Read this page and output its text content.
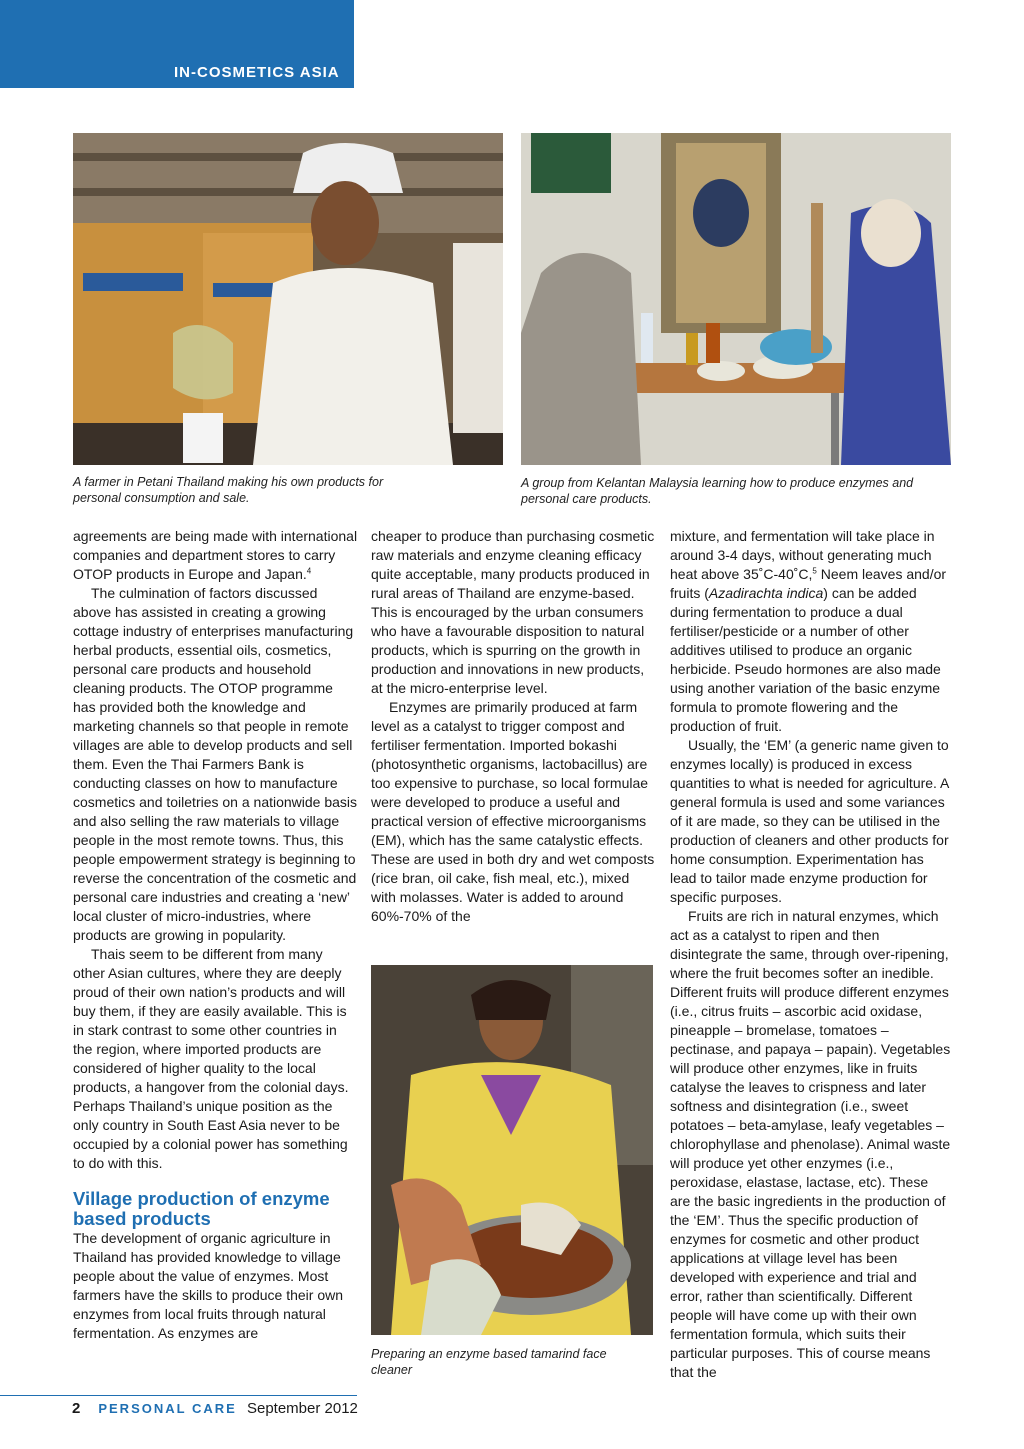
IN-COSMETICS ASIA
A farmer in Petani Thailand making his own products for personal consumption and sale.
A group from Kelantan Malaysia learning how to produce enzymes and personal care products.

agreements are being made with international companies and department stores to carry OTOP products in Europe and Japan.$^4$

The culmination of factors discussed above has assisted in creating a growing cottage industry of enterprises manufacturing herbal products, essential oils, cosmetics, personal care products and household cleaning products. The OTOP programme has provided both the knowledge and marketing channels so that people in remote villages are able to develop products and sell them. Even the Thai Farmers Bank is conducting classes on how to manufacture cosmetics and toiletries on a nationwide basis and also selling the raw materials to village people in the most remote towns. Thus, this people empowerment strategy is beginning to reverse the concentration of the cosmetic and personal care industries and creating a ‘new’ local cluster of micro-industries, where products are growing in popularity.

Thais seem to be different from many other Asian cultures, where they are deeply proud of their own nation’s products and will buy them, if they are easily available. This is in stark contrast to some other countries in the region, where imported products are considered of higher quality to the local products, a hangover from the colonial days. Perhaps Thailand’s unique position as the only country in South East Asia never to be occupied by a colonial power has something to do with this.

Village production of enzyme based products

The development of organic agriculture in Thailand has provided knowledge to village people about the value of enzymes. Most farmers have the skills to produce their own enzymes from local fruits through natural fermentation. As enzymes are

cheaper to produce than purchasing cosmetic raw materials and enzyme cleaning efficacy quite acceptable, many products produced in rural areas of Thailand are enzyme-based. This is encouraged by the urban consumers who have a favourable disposition to natural products, which is spurring on the growth in production and innovations in new products, at the micro-enterprise level.

Enzymes are primarily produced at farm level as a catalyst to trigger compost and fertiliser fermentation. Imported bokashi (photosynthetic organisms, lactobacillus) are too expensive to purchase, so local formulae were developed to produce a useful and practical version of effective microorganisms (EM), which has the same catalystic effects. These are used in both dry and wet composts (rice bran, oil cake, fish meal, etc.), mixed with molasses. Water is added to around 60%-70% of the

Preparing an enzyme based tamarind face cleaner

mixture, and fermentation will take place in around 3-4 days, without generating much heat above 35˚C-40˚C,$^5$ Neem leaves and/or fruits (Azadirachta indica) can be added during fermentation to produce a dual fertiliser/pesticide or a number of other additives utilised to produce an organic herbicide. Pseudo hormones are also made using another variation of the basic enzyme formula to promote flowering and the production of fruit.

Usually, the ‘EM’ (a generic name given to enzymes locally) is produced in excess quantities to what is needed for agriculture. A general formula is used and some variances of it are made, so they can be utilised in the production of cleaners and other products for home consumption. Experimentation has lead to tailor made enzyme production for specific purposes.

Fruits are rich in natural enzymes, which act as a catalyst to ripen and then disintegrate the same, through over-ripening, where the fruit becomes softer an inedible. Different fruits will produce different enzymes (i.e., citrus fruits – ascorbic acid oxidase, pineapple – bromelase, tomatoes – pectinase, and papaya – papain). Vegetables will produce other enzymes, like in fruits catalyse the leaves to crispness and later softness and disintegration (i.e., sweet potatoes – beta-amylase, leafy vegetables – chlorophyllase and phenolase). Animal waste will produce yet other enzymes (i.e., peroxidase, elastase, lactase, etc). These are the basic ingredients in the production of the ‘EM’. Thus the specific production of enzymes for cosmetic and other product applications at village level has been developed with experience and trial and error, rather than scientifically. Different people will have come up with their own fermentation formula, which suits their particular purposes. This of course means that the

2 PERSONAL CARE September 2012
